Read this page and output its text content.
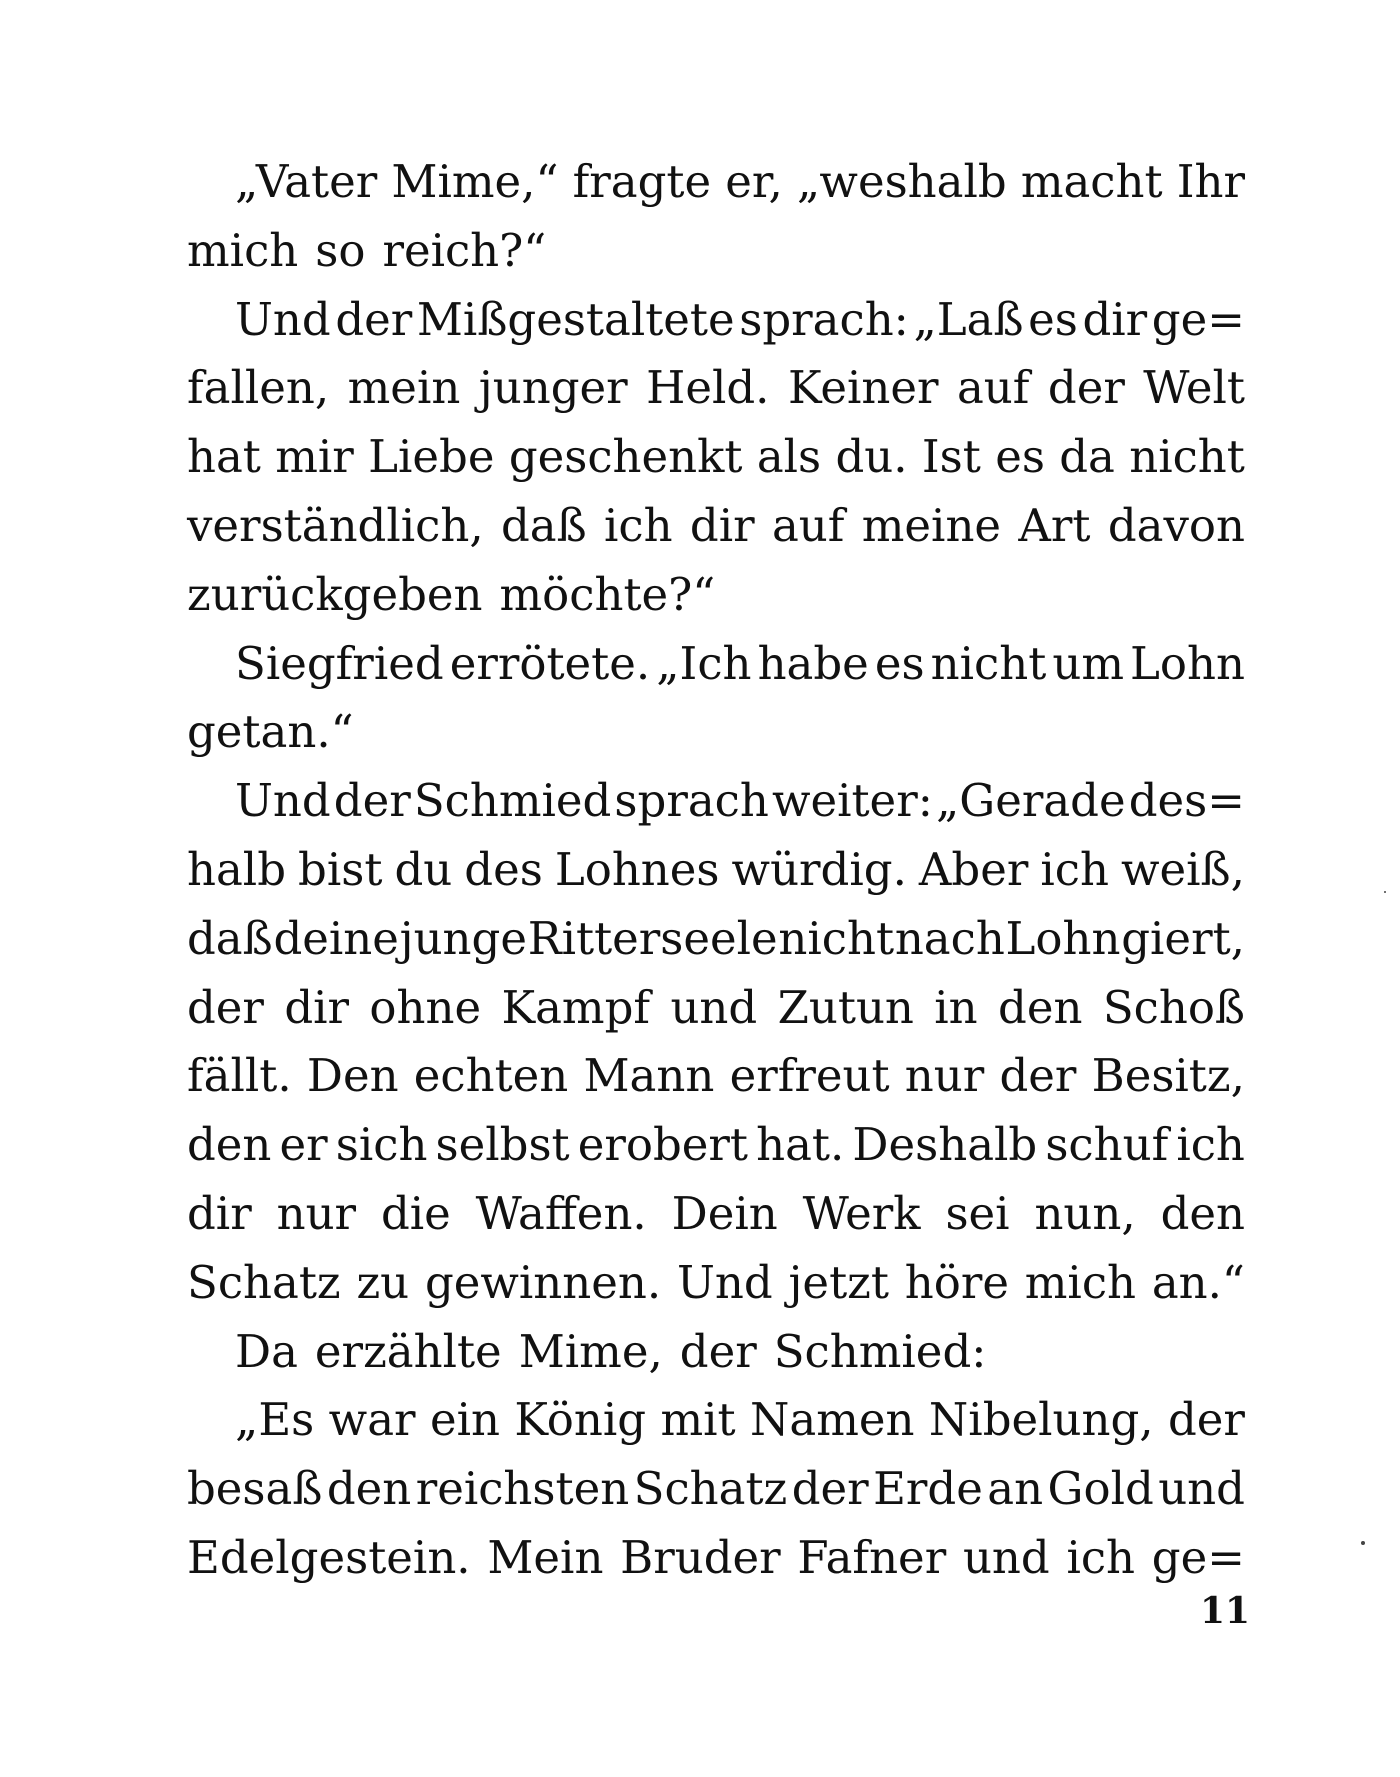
„Vater Mime,“ fragte er, „weshalb macht Ihr
mich so reich?“
Und der Mißgestaltete sprach: „Laß es dir ge=
fallen, mein junger Held. Keiner auf der Welt
hat mir Liebe geschenkt als du. Ist es da nicht
verständlich, daß ich dir auf meine Art davon
zurückgeben möchte?“
Siegfried errötete. „Ich habe es nicht um Lohn
getan.“
Und der Schmied sprach weiter: „Gerade des=
halb bist du des Lohnes würdig. Aber ich weiß,
daß deine junge Ritterseele nicht nach Lohn giert,
der dir ohne Kampf und Zutun in den Schoß
fällt. Den echten Mann erfreut nur der Besitz,
den er sich selbst erobert hat. Deshalb schuf ich
dir nur die Waffen. Dein Werk sei nun, den
Schatz zu gewinnen. Und jetzt höre mich an.“
Da erzählte Mime, der Schmied:
„Es war ein König mit Namen Nibelung, der
besaß den reichsten Schatz der Erde an Gold und
Edelgestein. Mein Bruder Fafner und ich ge=
11
